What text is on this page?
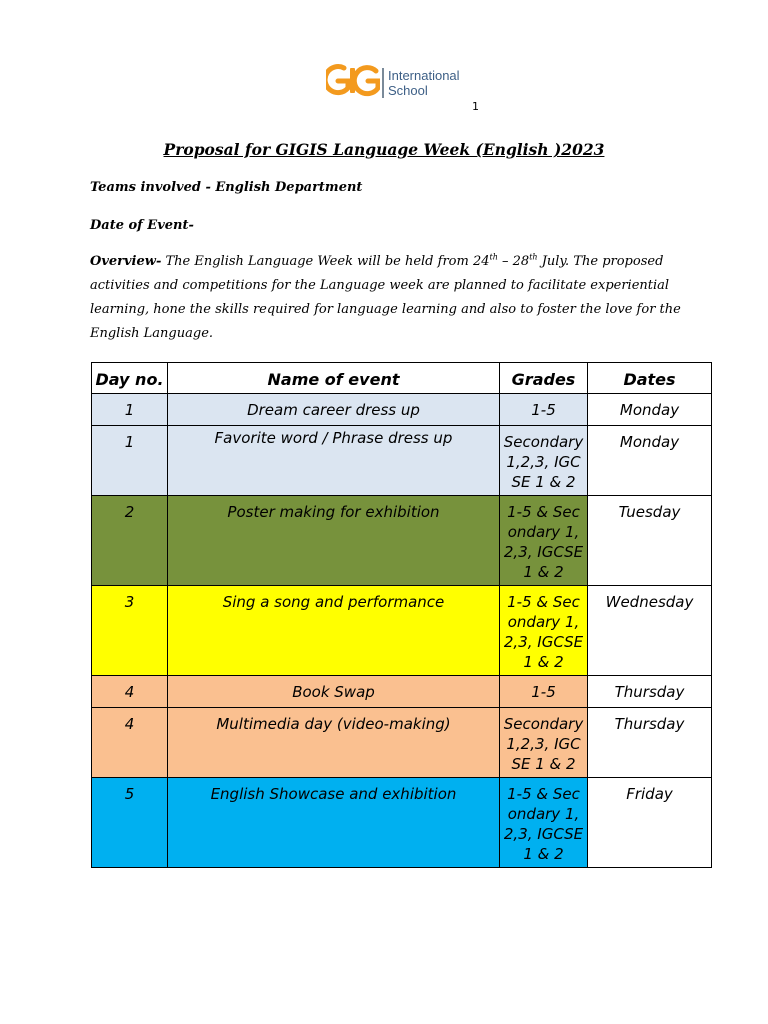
International
School
1
Proposal for GIGIS Language Week (English )2023
Teams involved - English Department
Date of Event-
Overview- The English Language Week will be held from 24th – 28th July. The proposed activities and competitions for the Language week are planned to facilitate experiential learning, hone the skills required for language learning and also to foster the love for the English Language.
Day no.	Name of event	Grades	Dates
1	Dream career dress up	1-5	Monday
1	Favorite word / Phrase dress up	Secondary 1,2,3, IGCSE 1 & 2	Monday
2	Poster making for exhibition	1-5 & Secondary 1,2,3, IGCSE 1 & 2	Tuesday
3	Sing a song and performance	1-5 & Secondary 1,2,3, IGCSE 1 & 2	Wednesday
4	Book Swap	1-5	Thursday
4	Multimedia day (video-making)	Secondary 1,2,3, IGCSE 1 & 2	Thursday
5	English Showcase and exhibition	1-5 & Secondary 1,2,3, IGCSE 1 & 2	Friday
